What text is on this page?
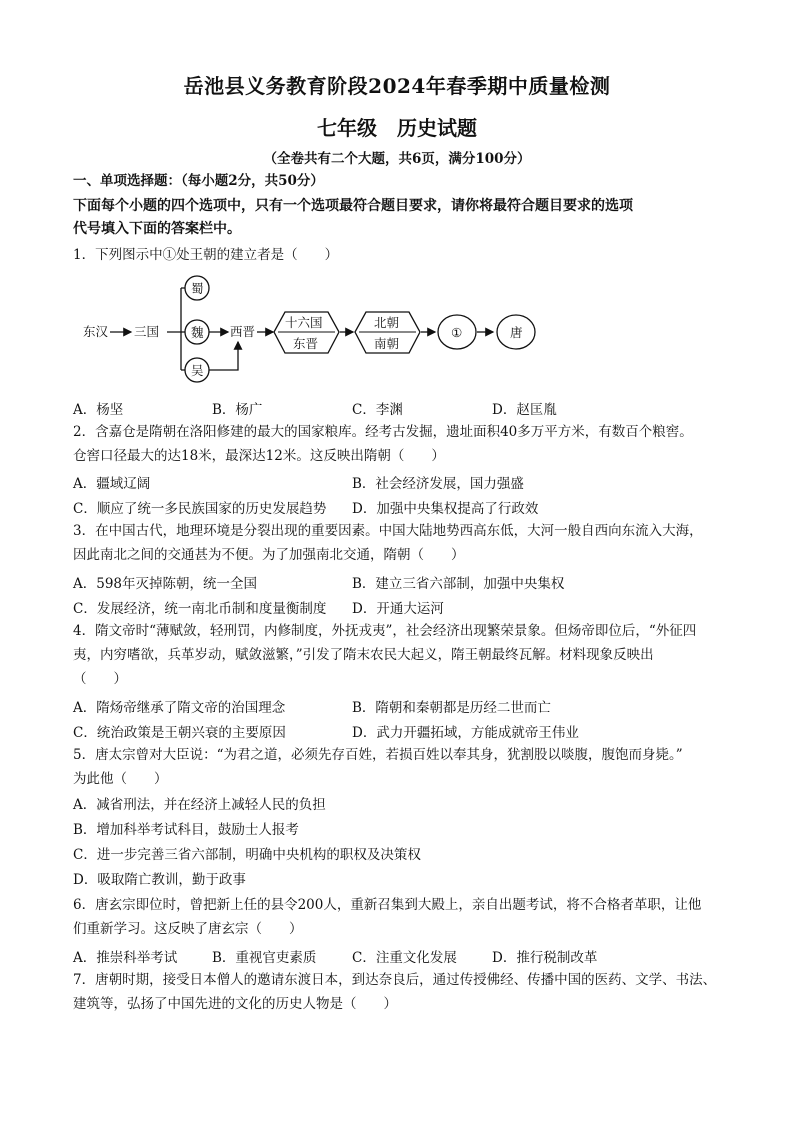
岳池县义务教育阶段2024年春季期中质量检测
七年级　历史试题
（全卷共有二个大题，共6页，满分100分）
一、单项选择题：（每小题2分，共50分）
下面每个小题的四个选项中，只有一个选项最符合题目要求，请你将最符合题目要求的选项
代号填入下面的答案栏中。
1．下列图示中①处王朝的建立者是（　　）
东汉 三国
蜀
魏
吴
西晋
十六国
东晋
北朝
南朝
①	唐
A．杨坚	B．杨广	C．李渊	D．赵匡胤
2．含嘉仓是隋朝在洛阳修建的最大的国家粮库。经考古发掘，遗址面积40多万平方米，有数百个粮窖。
仓窖口径最大的达18米，最深达12米。这反映出隋朝（　　）
A．疆域辽阔	B．社会经济发展，国力强盛
C．顺应了统一多民族国家的历史发展趋势 D．加强中央集权提高了行政效
3．在中国古代，地理环境是分裂出现的重要因素。中国大陆地势西高东低，大河一般自西向东流入大海，
因此南北之间的交通甚为不便。为了加强南北交通，隋朝（　　）
A．598年灭掉陈朝，统一全国	B．建立三省六部制，加强中央集权
C．发展经济，统一南北币制和度量衡制度 D．开通大运河
4．隋文帝时“薄赋敛，轻刑罚，内修制度，外抚戎夷”，社会经济出现繁荣景象。但炀帝即位后，“外征四
夷，内穷嗜欲，兵革岁动，赋敛滋繁，”引发了隋末农民大起义，隋王朝最终瓦解。材料现象反映出
（　　）
A．隋炀帝继承了隋文帝的治国理念	B．隋朝和秦朝都是历经二世而亡
C．统治政策是王朝兴衰的主要原因	D．武力开疆拓域，方能成就帝王伟业
5．唐太宗曾对大臣说：“为君之道，必须先存百姓，若损百姓以奉其身，犹割股以啖腹，腹饱而身毙。”
为此他（　　）
A．减省刑法，并在经济上减轻人民的负担
B．增加科举考试科目，鼓励士人报考
C．进一步完善三省六部制，明确中央机构的职权及决策权
D．吸取隋亡教训，勤于政事
6．唐玄宗即位时，曾把新上任的县令200人，重新召集到大殿上，亲自出题考试，将不合格者革职，让他
们重新学习。这反映了唐玄宗（　　）
A．推崇科举考试	B．重视官吏素质	C．注重文化发展	D．推行税制改革
7．唐朝时期，接受日本僧人的邀请东渡日本，到达奈良后，通过传授佛经、传播中国的医药、文学、书法、
建筑等，弘扬了中国先进的文化的历史人物是（　　）
